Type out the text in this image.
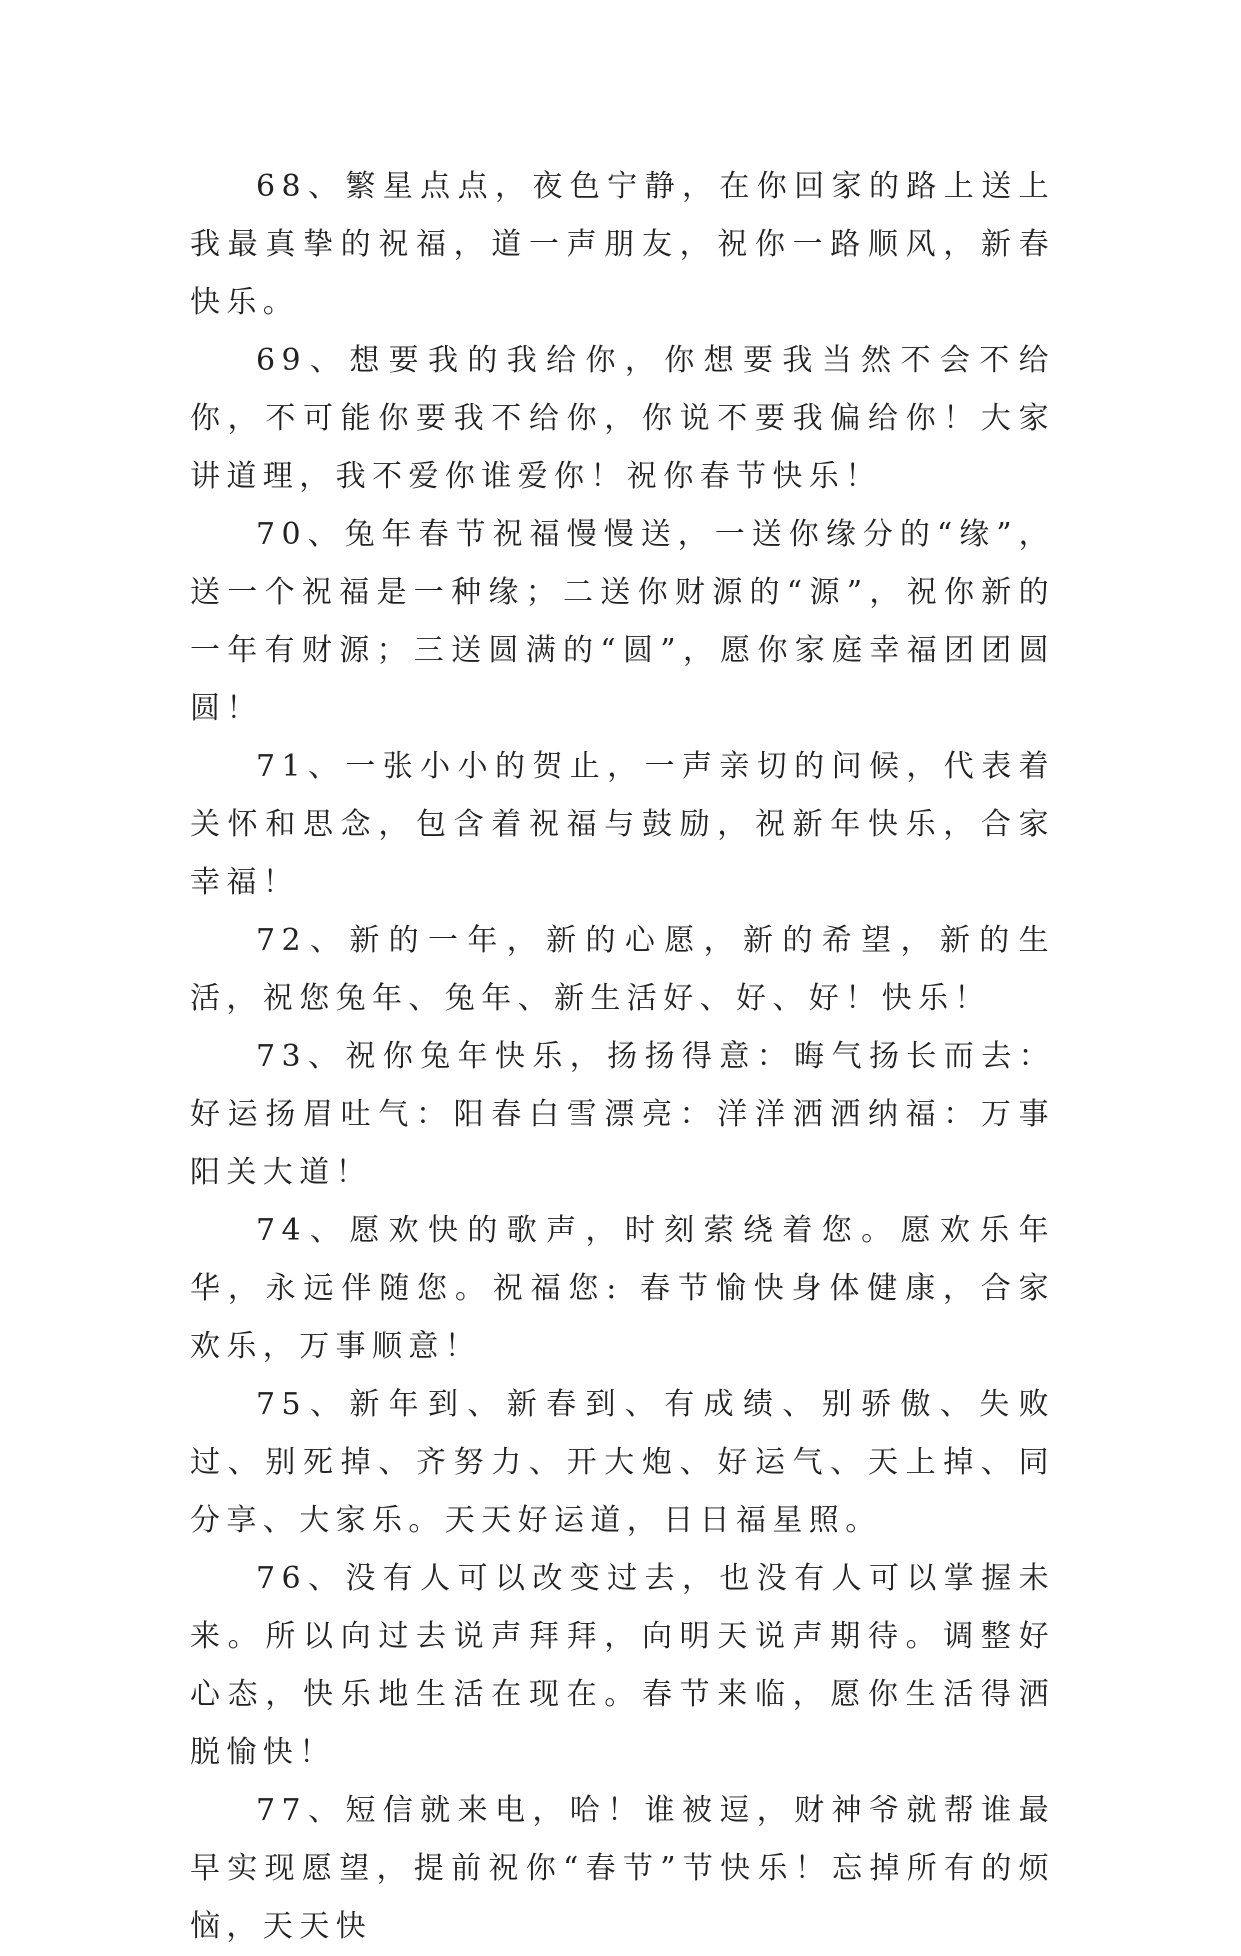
68、繁星点点，夜色宁静，在你回家的路上送上我最真挚的祝福，道一声朋友，祝你一路顺风，新春快乐。

69、想要我的我给你，你想要我当然不会不给你，不可能你要我不给你，你说不要我偏给你！大家讲道理，我不爱你谁爱你！祝你春节快乐！

70、兔年春节祝福慢慢送，一送你缘分的“缘”，送一个祝福是一种缘；二送你财源的“源”，祝你新的一年有财源；三送圆满的“圆”，愿你家庭幸福团团圆圆！

71、一张小小的贺止，一声亲切的问候，代表着关怀和思念，包含着祝福与鼓励，祝新年快乐，合家幸福！

72、新的一年，新的心愿，新的希望，新的生活，祝您兔年、兔年、新生活好、好、好！快乐！

73、祝你兔年快乐，扬扬得意：晦气扬长而去：好运扬眉吐气：阳春白雪漂亮：洋洋洒洒纳福：万事阳关大道！

74、愿欢快的歌声，时刻萦绕着您。愿欢乐年华，永远伴随您。祝福您: 春节愉快身体健康，合家欢乐，万事顺意！

75、新年到、新春到、有成绩、别骄傲、失败过、别死掉、齐努力、开大炮、好运气、天上掉、同分享、大家乐。天天好运道，日日福星照。

76、没有人可以改变过去，也没有人可以掌握未来。所以向过去说声拜拜，向明天说声期待。调整好心态，快乐地生活在现在。春节来临，愿你生活得洒脱愉快！

77、短信就来电，哈！谁被逗，财神爷就帮谁最早实现愿望，提前祝你“春节”节快乐！忘掉所有的烦恼，天天快
